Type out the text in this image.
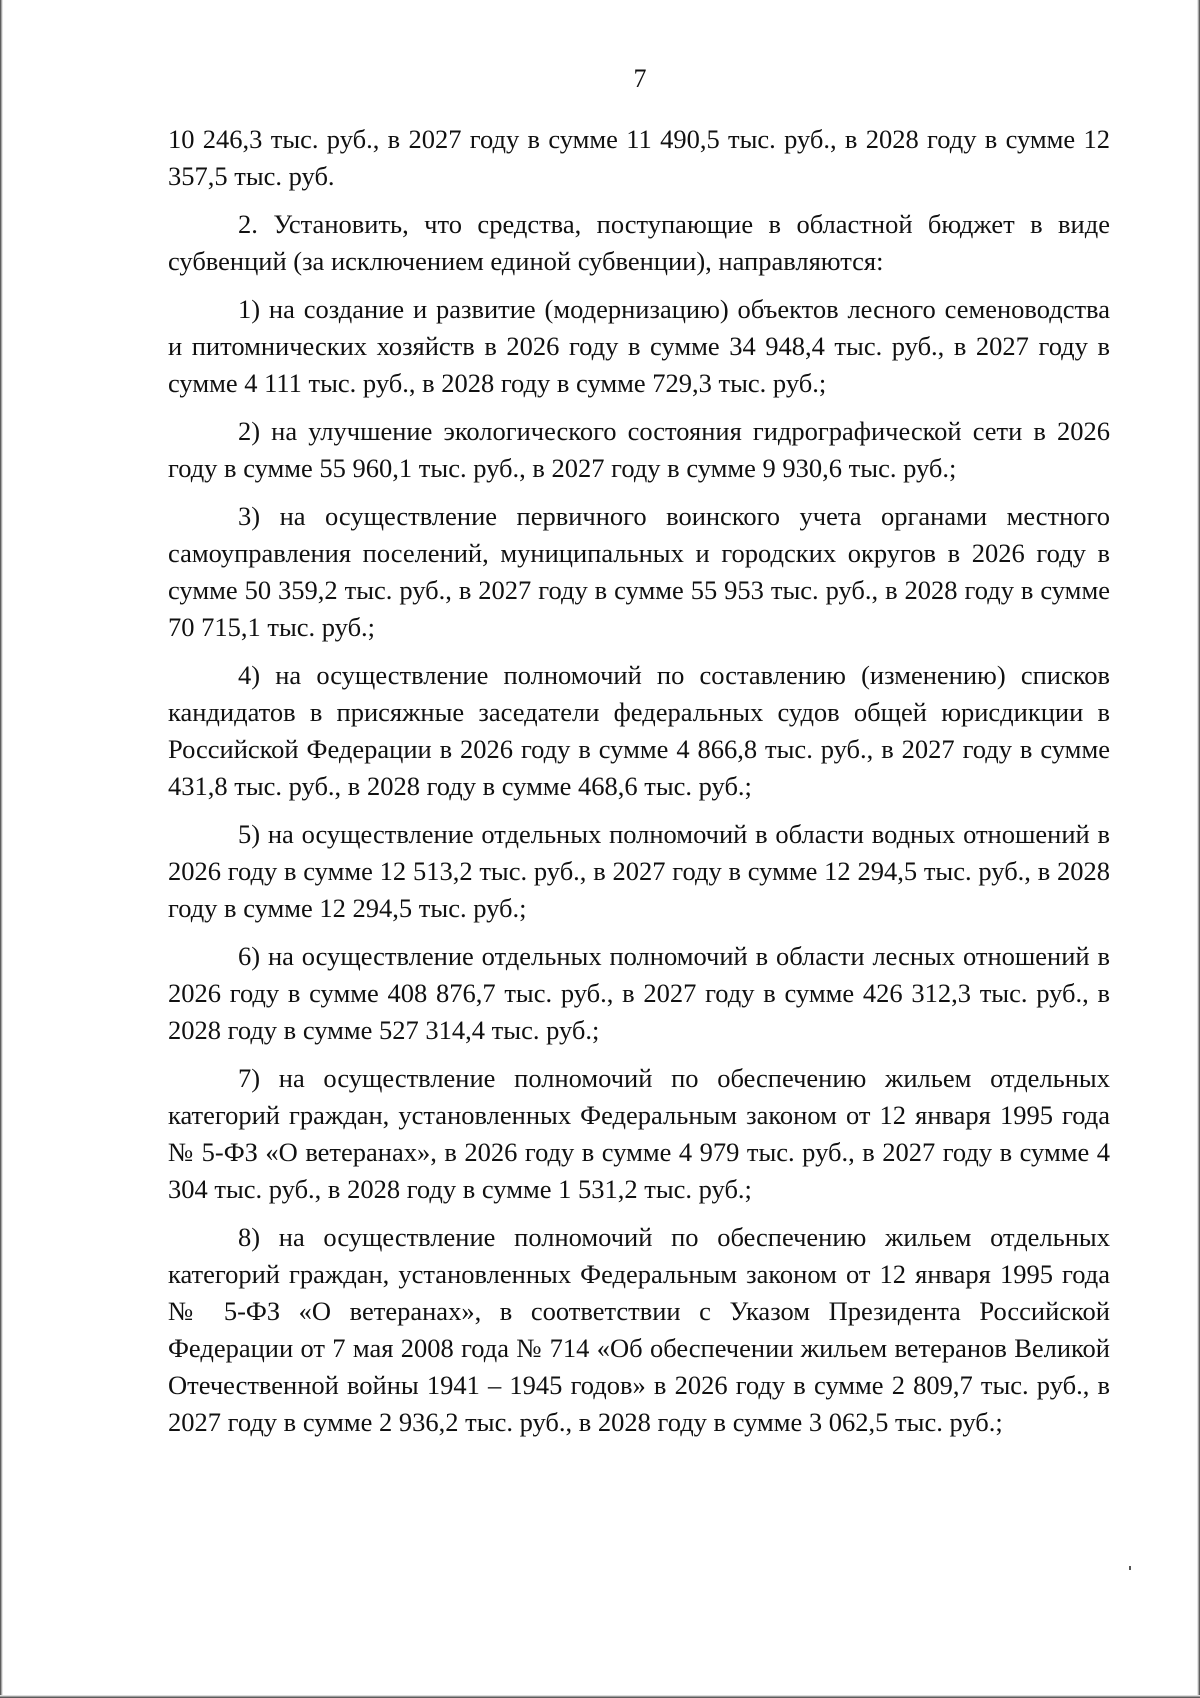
7

10 246,3 тыс. руб., в 2027 году в сумме 11 490,5 тыс. руб., в 2028 году в сумме 12 357,5 тыс. руб.

2. Установить, что средства, поступающие в областной бюджет в виде субвенций (за исключением единой субвенции), направляются:

1) на создание и развитие (модернизацию) объектов лесного семеноводства и питомнических хозяйств в 2026 году в сумме 34 948,4 тыс. руб., в 2027 году в сумме 4 111 тыс. руб., в 2028 году в сумме 729,3 тыс. руб.;

2) на улучшение экологического состояния гидрографической сети в 2026 году в сумме 55 960,1 тыс. руб., в 2027 году в сумме 9 930,6 тыс. руб.;

3) на осуществление первичного воинского учета органами местного самоуправления поселений, муниципальных и городских округов в 2026 году в сумме 50 359,2 тыс. руб., в 2027 году в сумме 55 953 тыс. руб., в 2028 году в сумме 70 715,1 тыс. руб.;

4) на осуществление полномочий по составлению (изменению) списков кандидатов в присяжные заседатели федеральных судов общей юрисдикции в Российской Федерации в 2026 году в сумме 4 866,8 тыс. руб., в 2027 году в сумме 431,8 тыс. руб., в 2028 году в сумме 468,6 тыс. руб.;

5) на осуществление отдельных полномочий в области водных отношений в 2026 году в сумме 12 513,2 тыс. руб., в 2027 году в сумме 12 294,5 тыс. руб., в 2028 году в сумме 12 294,5 тыс. руб.;

6) на осуществление отдельных полномочий в области лесных отношений в 2026 году в сумме 408 876,7 тыс. руб., в 2027 году в сумме 426 312,3 тыс. руб., в 2028 году в сумме 527 314,4 тыс. руб.;

7) на осуществление полномочий по обеспечению жильем отдельных категорий граждан, установленных Федеральным законом от 12 января 1995 года № 5-ФЗ «О ветеранах», в 2026 году в сумме 4 979 тыс. руб., в 2027 году в сумме 4 304 тыс. руб., в 2028 году в сумме 1 531,2 тыс. руб.;

8) на осуществление полномочий по обеспечению жильем отдельных категорий граждан, установленных Федеральным законом от 12 января 1995 года № 5-ФЗ «О ветеранах», в соответствии с Указом Президента Российской Федерации от 7 мая 2008 года № 714 «Об обеспечении жильем ветеранов Великой Отечественной войны 1941 – 1945 годов» в 2026 году в сумме 2 809,7 тыс. руб., в 2027 году в сумме 2 936,2 тыс. руб., в 2028 году в сумме 3 062,5 тыс. руб.;
